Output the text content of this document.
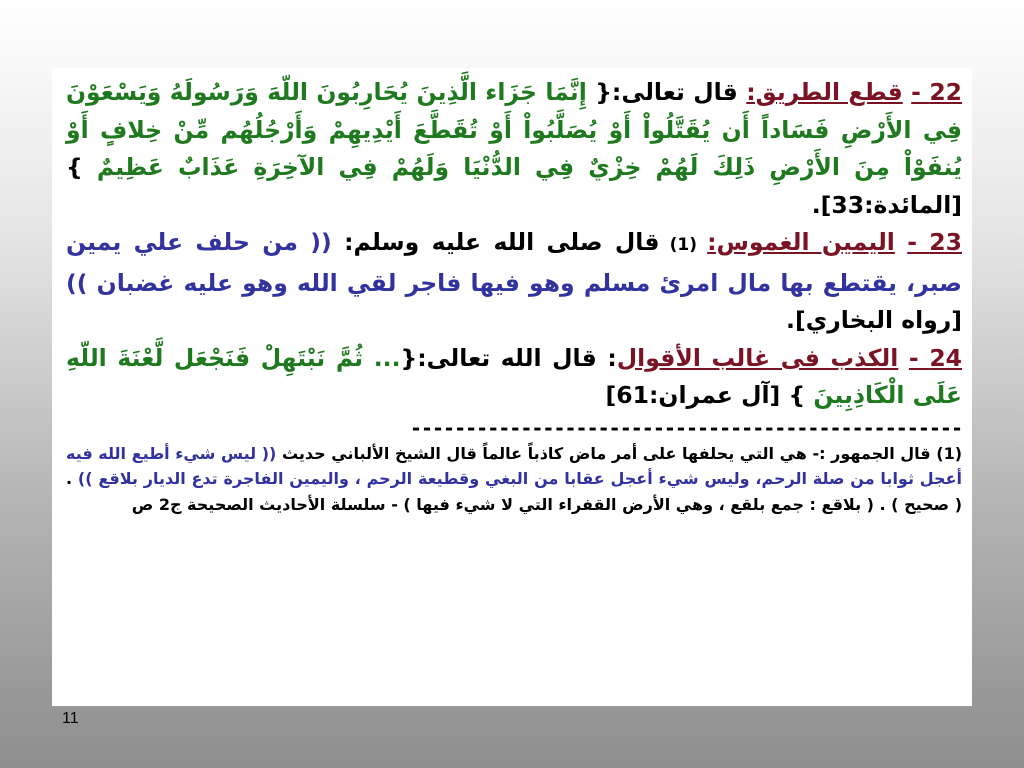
22 - قطع الطريق: قال تعالى:{ إِنَّمَا جَزَاء الَّذِينَ يُحَارِبُونَ اللّهَ وَرَسُولَهُ وَيَسْعَوْنَ فِي الأَرْضِ فَسَاداً أَن يُقَتَّلُواْ أَوْ يُصَلَّبُواْ أَوْ تُقَطَّعَ أَيْدِيهِمْ وَأَرْجُلُهُم مِّنْ خِلافٍ أَوْ يُنفَوْاْ مِنَ الأَرْضِ ذَلِكَ لَهُمْ خِزْيٌ فِي الدُّنْيَا وَلَهُمْ فِي الآخِرَةِ عَذَابٌ عَظِيمٌ } [المائدة:33].

23 - اليمين الغموس: (1) قال صلى الله عليه وسلم: (( من حلف علي يمين صبر، يقتطع بها مال امرئ مسلم وهو فيها فاجر لقي الله وهو عليه غضبان )) [رواه البخاري].

24 - الكذب فى غالب الأقوال: قال الله تعالى:{... ثُمَّ نَبْتَهِلْ فَنَجْعَل لَّعْنَةَ اللّهِ عَلَى الْكَاذِبِينَ } [آل عمران:61]

--------------------------------------------------

(1) قال الجمهور :- هي التي يحلفها على أمر ماض كاذباً عالماً قال الشيخ الألباني حديث (( ليس شيء أطيع الله فيه أعجل ثوابا من صلة الرحم، وليس شيء أعجل عقابا من البغي وقطيعة الرحم ، واليمين الفاجرة تدع الديار بلاقع )) . ( صحيح ) . ( بلاقع : جمع بلقع ، وهي الأرض القفراء التي لا شيء فيها ) - سلسلة الأحاديث الصحيحة ج2 ص

11
